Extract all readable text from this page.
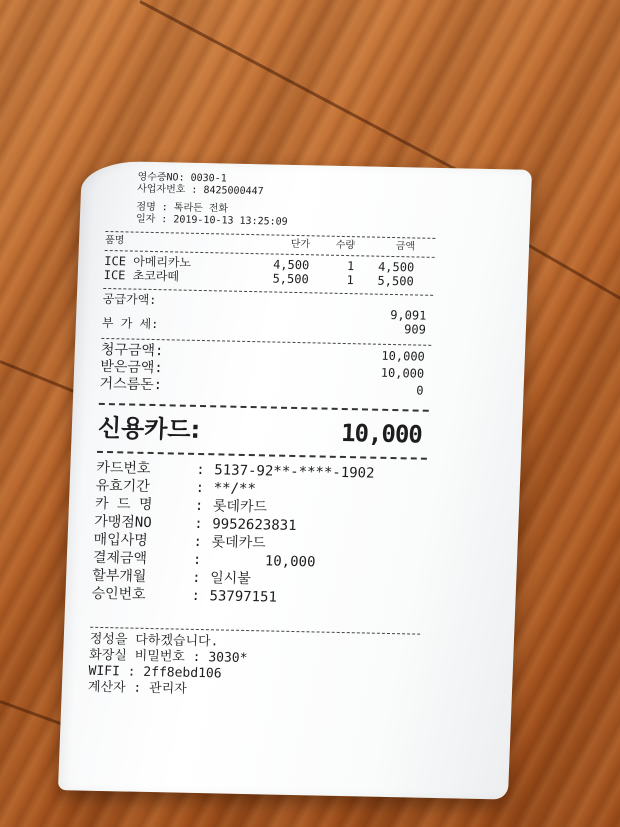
영수증NO: 0030-1
사업자번호 : 8425000447
점명 : 톡라든 전화
일자 : 2019-10-13 13:25:09
품명	단가	수량	금액
ICE 아메리카노	4,500	1	4,500
ICE 초코라떼	5,500	1	5,500
공급가액:
9,091
부 가 세:	909
청구금액:	10,000
받은금액:	10,000
거스름돈:	0
신용카드:	10,000
카드번호	: 5137-92**-****-1902
유효기간	: **/**
카 드 명	: 롯데카드
가맹점NO	: 9952623831
매입사명	: 롯데카드
결제금액	:	10,000
할부개월	: 일시불
승인번호	: 53797151
정성을 다하겠습니다.
화장실 비밀번호 : 3030*
WIFI : 2ff8ebd106
계산자 : 관리자
